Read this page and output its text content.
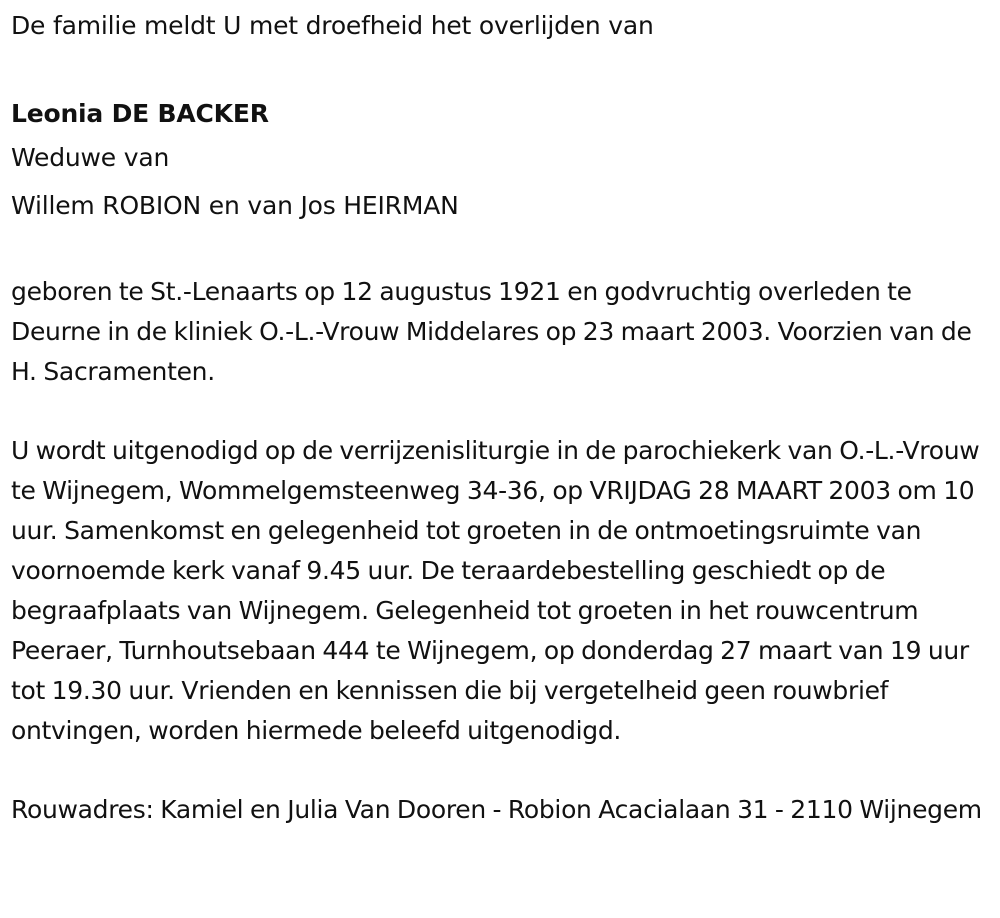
De familie meldt U met droefheid het overlijden van
Leonia DE BACKER
Weduwe van
Willem ROBION en van Jos HEIRMAN

geboren te St.-Lenaarts op 12 augustus 1921 en godvruchtig overleden te Deurne in de kliniek O.-L.-Vrouw Middelares op 23 maart 2003. Voorzien van de H. Sacramenten.

U wordt uitgenodigd op de verrijzenisliturgie in de parochiekerk van O.-L.-Vrouw te Wijnegem, Wommelgemsteenweg 34-36, op VRIJDAG 28 MAART 2003 om 10 uur. Samenkomst en gelegenheid tot groeten in de ontmoetingsruimte van voornoemde kerk vanaf 9.45 uur. De teraardebestelling geschiedt op de begraafplaats van Wijnegem. Gelegenheid tot groeten in het rouwcentrum Peeraer, Turnhoutsebaan 444 te Wijnegem, op donderdag 27 maart van 19 uur tot 19.30 uur. Vrienden en kennissen die bij vergetelheid geen rouwbrief ontvingen, worden hiermede beleefd uitgenodigd.

Rouwadres: Kamiel en Julia Van Dooren - Robion Acacialaan 31 - 2110 Wijnegem
